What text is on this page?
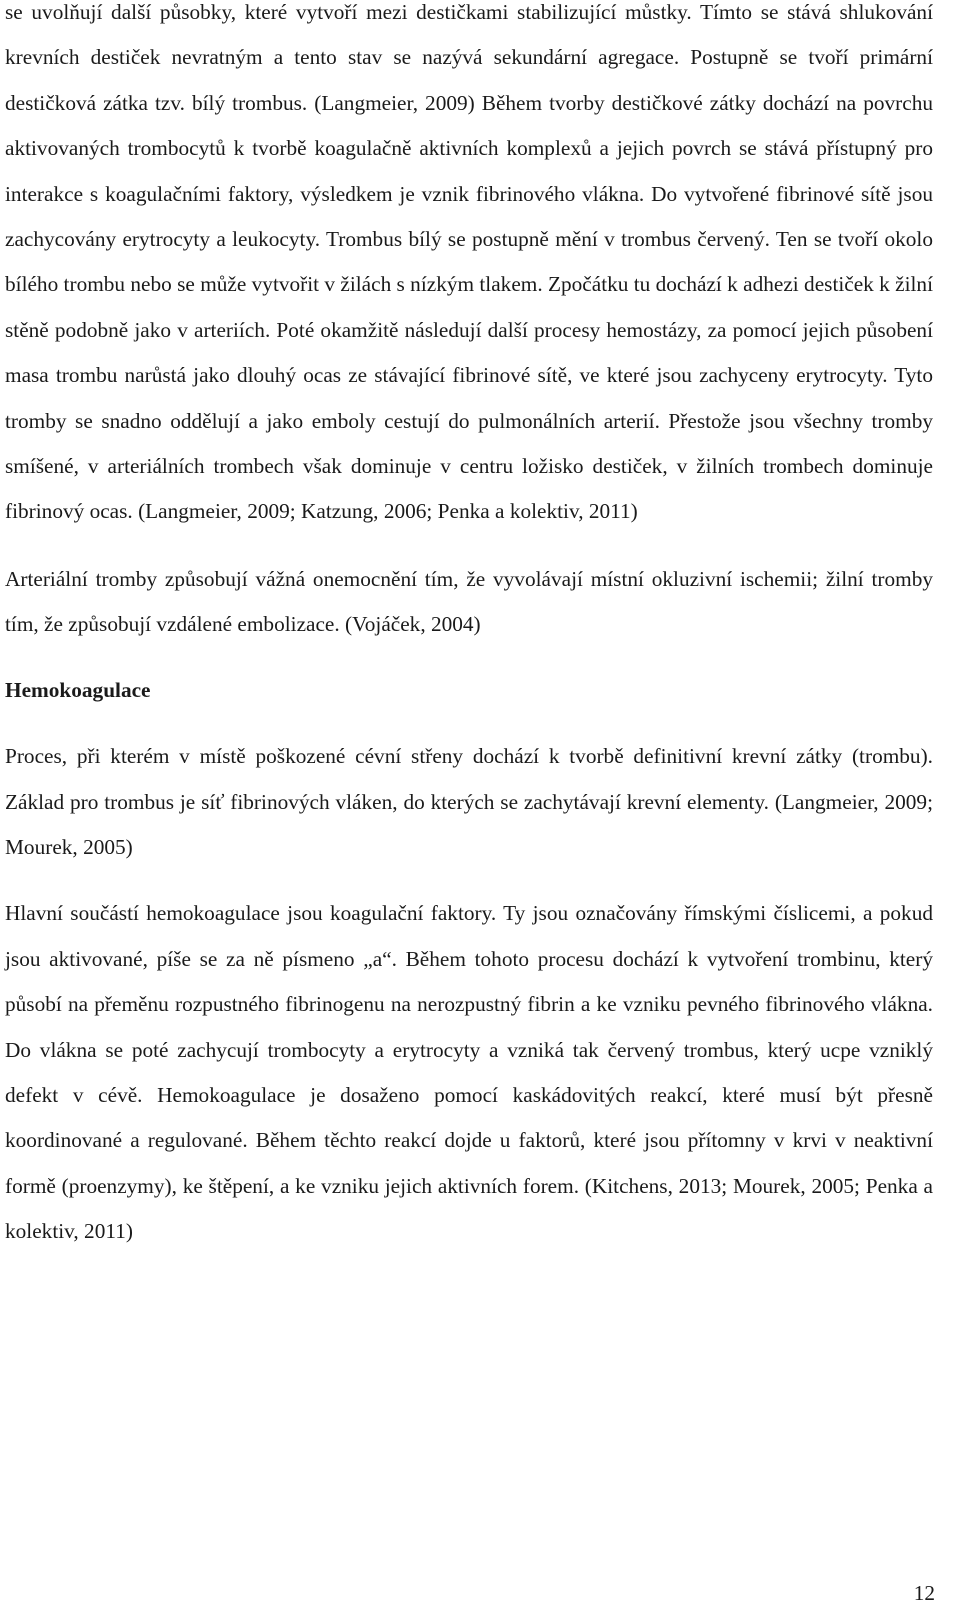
se uvolňují další působky, které vytvoří mezi destičkami stabilizující můstky. Tímto se stává shlukování krevních destiček nevratným a tento stav se nazývá sekundární agregace. Postupně se tvoří primární destičková zátka tzv. bílý trombus. (Langmeier, 2009) Během tvorby destičkové zátky dochází na povrchu aktivovaných trombocytů k tvorbě koagulačně aktivních komplexů a jejich povrch se stává přístupný pro interakce s koagulačními faktory, výsledkem je vznik fibrinového vlákna. Do vytvořené fibrinové sítě jsou zachycovány erytrocyty a leukocyty. Trombus bílý se postupně mění v trombus červený. Ten se tvoří okolo bílého trombu nebo se může vytvořit v žilách s nízkým tlakem. Zpočátku tu dochází k adhezi destiček k žilní stěně podobně jako v arteriích. Poté okamžitě následují další procesy hemostázy, za pomocí jejich působení masa trombu narůstá jako dlouhý ocas ze stávající fibrinové sítě, ve které jsou zachyceny erytrocyty. Tyto tromby se snadno oddělují a jako emboly cestují do pulmonálních arterií. Přestože jsou všechny tromby smíšené, v arteriálních trombech však dominuje v centru ložisko destiček, v žilních trombech dominuje fibrinový ocas. (Langmeier, 2009; Katzung, 2006; Penka a kolektiv, 2011)

Arteriální tromby způsobují vážná onemocnění tím, že vyvolávají místní okluzivní ischemii; žilní tromby tím, že způsobují vzdálené embolizace. (Vojáček, 2004)

Hemokoagulace

Proces, při kterém v místě poškozené cévní střeny dochází k tvorbě definitivní krevní zátky (trombu). Základ pro trombus je síť fibrinových vláken, do kterých se zachytávají krevní elementy. (Langmeier, 2009; Mourek, 2005)

Hlavní součástí hemokoagulace jsou koagulační faktory. Ty jsou označovány římskými číslicemi, a pokud jsou aktivované, píše se za ně písmeno „a“. Během tohoto procesu dochází k vytvoření trombinu, který působí na přeměnu rozpustného fibrinogenu na nerozpustný fibrin a ke vzniku pevného fibrinového vlákna. Do vlákna se poté zachycují trombocyty a erytrocyty a vzniká tak červený trombus, který ucpe vzniklý defekt v cévě. Hemokoagulace je dosaženo pomocí kaskádovitých reakcí, které musí být přesně koordinované a regulované. Během těchto reakcí dojde u faktorů, které jsou přítomny v krvi v neaktivní formě (proenzymy), ke štěpení, a ke vzniku jejich aktivních forem. (Kitchens, 2013; Mourek, 2005; Penka a kolektiv, 2011)

12
